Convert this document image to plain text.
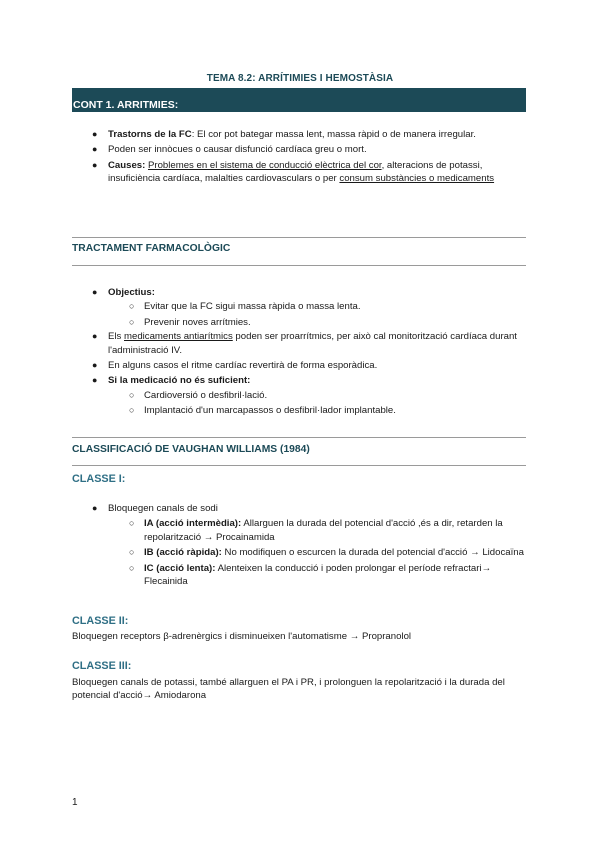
TEMA 8.2: ARRÍTIMIES I HEMOSTÀSIA
CONT 1. ARRITMIES:
● Trastorns de la FC: El cor pot bategar massa lent, massa ràpid o de manera irregular.
● Poden ser innòcues o causar disfunció cardíaca greu o mort.
● Causes: Problemes en el sistema de conducció elèctrica del cor, alteracions de potassi, insuficiència cardíaca, malalties cardiovasculars o per consum substàncies o medicaments
TRACTAMENT FARMACOLÒGIC
● Objectius:
○ Evitar que la FC sigui massa ràpida o massa lenta.
○ Prevenir noves arrítmies.
● Els medicaments antiarítmics poden ser proarrítmics, per això cal monitorització cardíaca durant l'administració IV.
● En alguns casos el ritme cardíac revertirà de forma esporàdica.
● Si la medicació no és suficient:
○ Cardioversió o desfibril·lació.
○ Implantació d'un marcapassos o desfibril·lador implantable.
CLASSIFICACIÓ DE VAUGHAN WILLIAMS (1984)
CLASSE I:
● Bloquegen canals de sodi
○ IA (acció intermèdia): Allarguen la durada del potencial d'acció ,és a dir, retarden la repolarització → Procainamida
○ IB (acció ràpida): No modifiquen o escurcen la durada del potencial d'acció → Lidocaïna
○ IC (acció lenta): Alenteixen la conducció i poden prolongar el període refractari→ Flecainida
CLASSE II:
Bloquegen receptors β-adrenèrgics i disminueixen l'automatisme → Propranolol
CLASSE III:
Bloquegen canals de potassi, també allarguen el PA i PR, i prolonguen la repolarització i la durada del potencial d'acció→ Amiodarona
1
